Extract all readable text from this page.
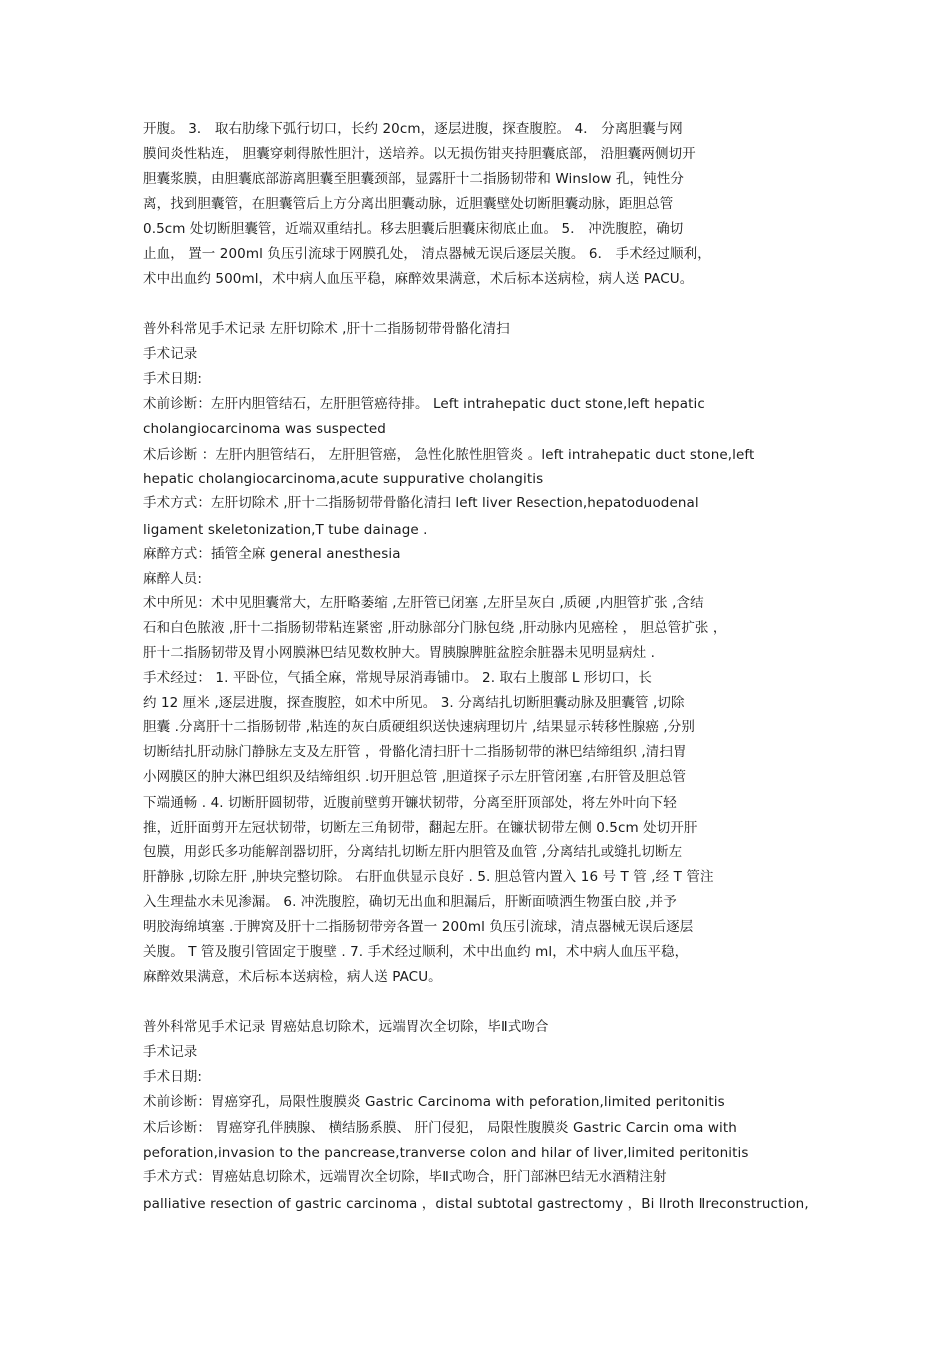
开腹。 3． 取右肋缘下弧行切口，长约 20cm，逐层进腹，探查腹腔。 4． 分离胆囊与网
膜间炎性粘连， 胆囊穿刺得脓性胆汁，送培养。以无损伤钳夹持胆囊底部， 沿胆囊两侧切开
胆囊浆膜，由胆囊底部游离胆囊至胆囊颈部，显露肝十二指肠韧带和 Winslow 孔，钝性分
离，找到胆囊管，在胆囊管后上方分离出胆囊动脉，近胆囊壁处切断胆囊动脉，距胆总管
0.5cm 处切断胆囊管，近端双重结扎。移去胆囊后胆囊床彻底止血。 5． 冲洗腹腔，确切
止血， 置一 200ml 负压引流球于网膜孔处， 清点器械无误后逐层关腹。 6． 手术经过顺利，
术中出血约 500ml，术中病人血压平稳，麻醉效果满意，术后标本送病检，病人送 PACU。
普外科常见手术记录 左肝切除术 ,肝十二指肠韧带骨骼化清扫
手术记录
手术日期:
术前诊断：左肝内胆管结石，左肝胆管癌待排。 Left intrahepatic duct stone,left hepatic
cholangiocarcinoma was suspected
术后诊断 ：左肝内胆管结石， 左肝胆管癌， 急性化脓性胆管炎 。left intrahepatic duct stone,left
hepatic cholangiocarcinoma,acute suppurative cholangitis
手术方式：左肝切除术 ,肝十二指肠韧带骨骼化清扫 left liver Resection,hepatoduodenal
ligament skeletonization,T tube dainage .
麻醉方式：插管全麻 general anesthesia
麻醉人员:
术中所见：术中见胆囊常大，左肝略萎缩 ,左肝管已闭塞 ,左肝呈灰白 ,质硬 ,内胆管扩张 ,含结
石和白色脓液 ,肝十二指肠韧带粘连紧密 ,肝动脉部分门脉包绕 ,肝动脉内见癌栓 ， 胆总管扩张 ，
肝十二指肠韧带及胃小网膜淋巴结见数枚肿大。胃胰腺脾脏盆腔余脏器未见明显病灶 .
手术经过： 1. 平卧位，气插全麻，常规导尿消毒铺巾。 2. 取右上腹部 L 形切口，长
约 12 厘米 ,逐层进腹，探查腹腔，如术中所见。 3. 分离结扎切断胆囊动脉及胆囊管 ,切除
胆囊 .分离肝十二指肠韧带 ,粘连的灰白质硬组织送快速病理切片 ,结果显示转移性腺癌 ,分别
切断结扎肝动脉门静脉左支及左肝管 ，骨骼化清扫肝十二指肠韧带的淋巴结缔组织 ,清扫胃
小网膜区的肿大淋巴组织及结缔组织 .切开胆总管 ,胆道探子示左肝管闭塞 ,右肝管及胆总管
下端通畅 . 4. 切断肝圆韧带，近腹前壁剪开镰状韧带，分离至肝顶部处，将左外叶向下轻
推，近肝面剪开左冠状韧带，切断左三角韧带，翻起左肝。在镰状韧带左侧 0.5cm 处切开肝
包膜，用彭氏多功能解剖器切肝，分离结扎切断左肝内胆管及血管 ,分离结扎或缝扎切断左
肝静脉 ,切除左肝 ,肿块完整切除。 右肝血供显示良好 . 5. 胆总管内置入 16 号 T 管 ,经 T 管注
入生理盐水未见渗漏。 6. 冲洗腹腔，确切无出血和胆漏后，肝断面喷洒生物蛋白胶 ,并予
明胶海绵填塞 .于脾窝及肝十二指肠韧带旁各置一 200ml 负压引流球，清点器械无误后逐层
关腹。 T 管及腹引管固定于腹壁 . 7. 手术经过顺利，术中出血约 ml，术中病人血压平稳，
麻醉效果满意，术后标本送病检，病人送 PACU。
普外科常见手术记录 胃癌姑息切除术，远端胃次全切除，毕Ⅱ式吻合
手术记录
手术日期:
术前诊断：胃癌穿孔，局限性腹膜炎 Gastric Carcinoma with peforation,limited peritonitis
术后诊断： 胃癌穿孔伴胰腺、 横结肠系膜、 肝门侵犯， 局限性腹膜炎 Gastric Carcin oma with
peforation,invasion to the pancrease,tranverse colon and hilar of liver,limited peritonitis
手术方式：胃癌姑息切除术，远端胃次全切除，毕Ⅱ式吻合，肝门部淋巴结无水酒精注射
palliative resection of gastric carcinoma ，distal subtotal gastrectomy ，Bi llroth Ⅱreconstruction,
